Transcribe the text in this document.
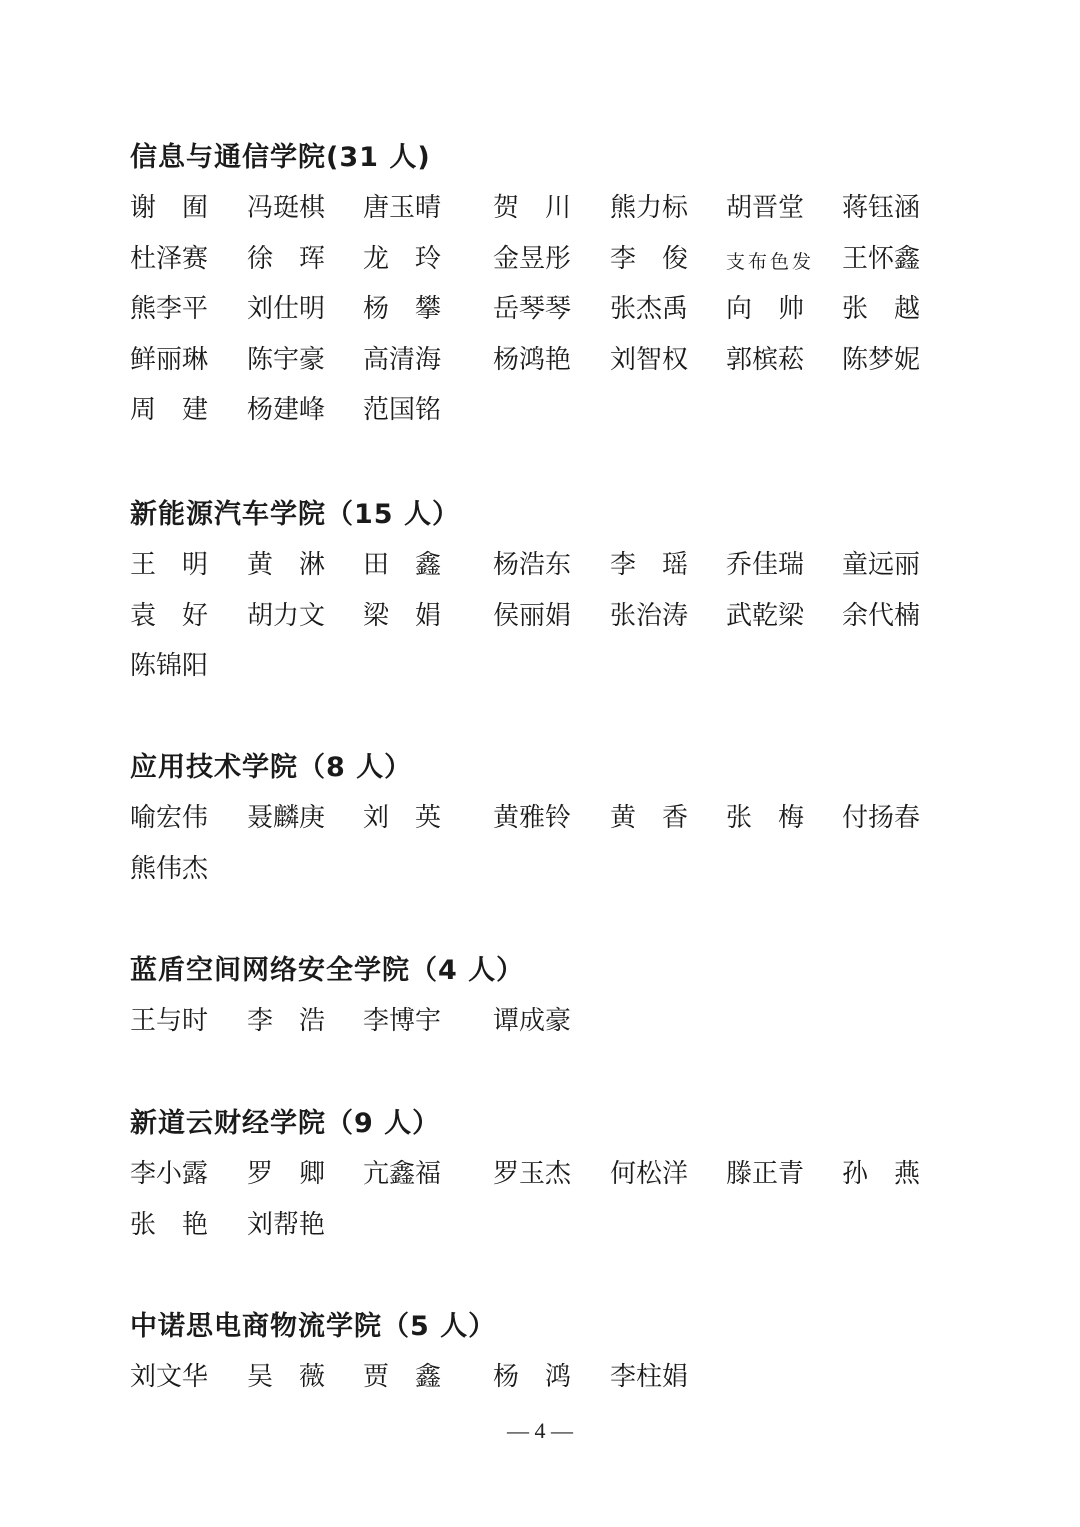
信息与通信学院(31 人)
谢　囿 冯珽棋 唐玉晴 贺　川 熊力标 胡晋堂 蒋钰涵
杜泽赛 徐　珲 龙　玲 金昱彤 李　俊	支布色发 王怀鑫
熊李平 刘仕明 杨　攀 岳琴琴 张杰禹 向　帅 张　越
鲜丽琳 陈宇豪 高清海 杨鸿艳 刘智权 郭槟菘 陈梦妮
周　建 杨建峰 范国铭
新能源汽车学院（15 人）
王　明 黄　淋 田　鑫 杨浩东 李　瑶 乔佳瑞 童远丽
袁　好 胡力文 梁　娟 侯丽娟 张治涛 武乾梁 余代楠
陈锦阳
应用技术学院（8 人）
喻宏伟 聂麟庚 刘　英 黄雅铃 黄　香 张　梅 付扬春
熊伟杰
蓝盾空间网络安全学院（4 人）
王与时 李　浩 李博宇 谭成豪
新道云财经学院（9 人）
李小露 罗　卿 亢鑫福 罗玉杰 何松洋 滕正青 孙　燕
张　艳 刘帮艳
中诺思电商物流学院（5 人）
刘文华 吴　薇 贾　鑫 杨　鸿 李柱娟
— 4 —
